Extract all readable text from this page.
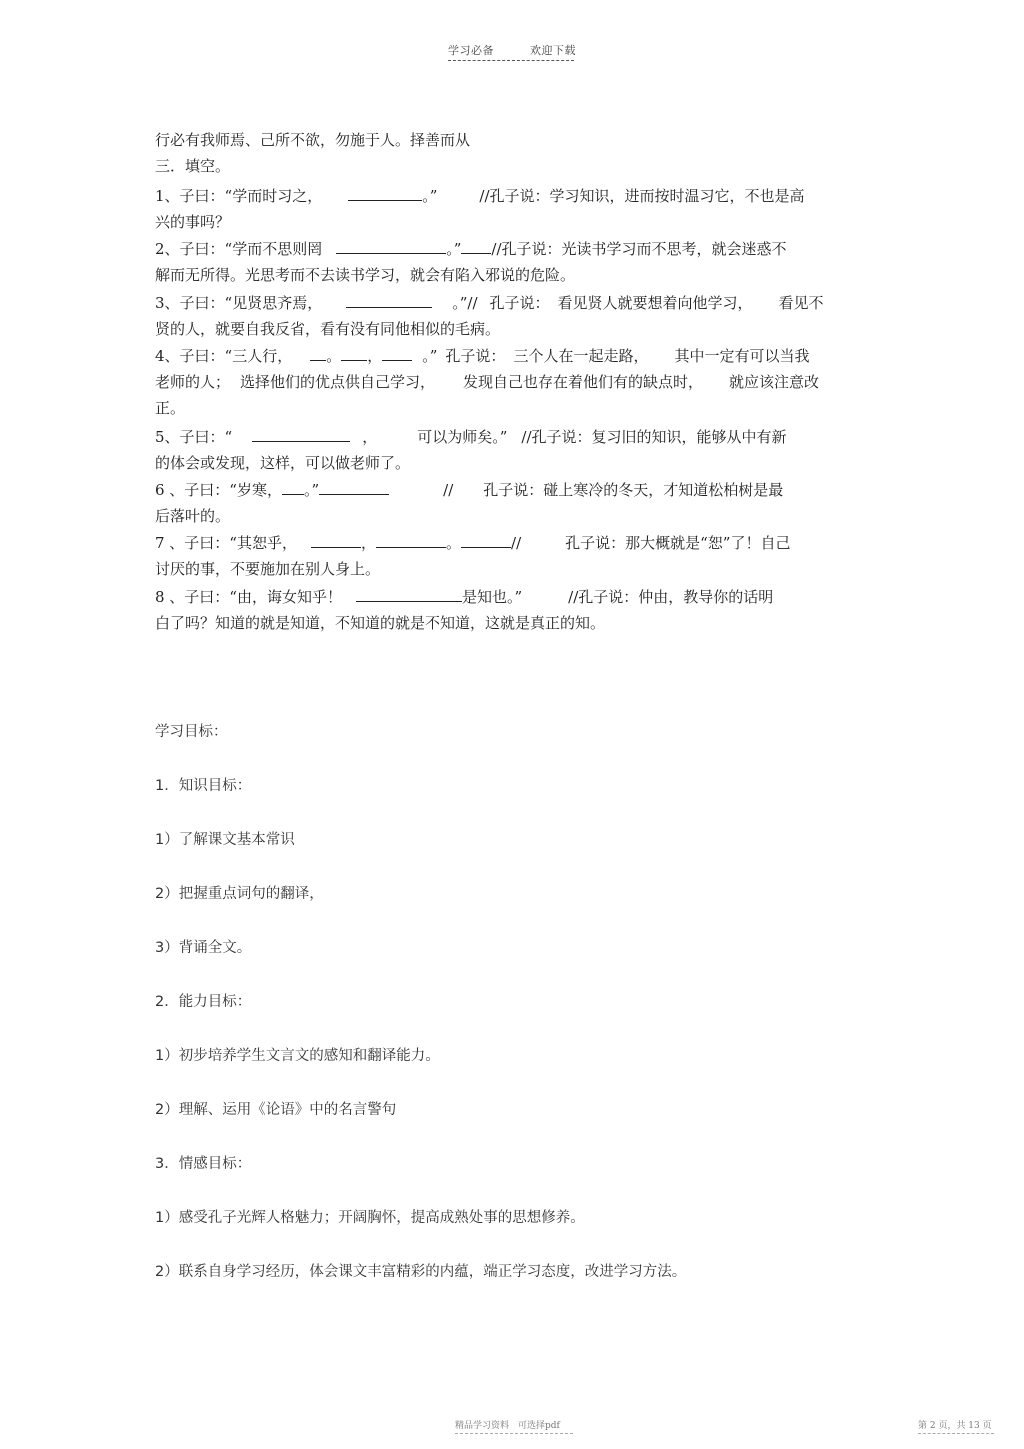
学习必备	欢迎下载
行必有我师焉、己所不欲，勿施于人。择善而从
三．填空。
1、子曰：“学而时习之，	。”	//孔子说：学习知识，进而按时温习它，不也是高
兴的事吗？
2、子曰：“学而不思则罔	。” //孔子说：光读书学习而不思考，就会迷惑不
解而无所得。光思考而不去读书学习，就会有陷入邪说的危险。
3、子曰：“见贤思齐焉，	。”// 孔子说： 看见贤人就要想着向他学习， 看见不
贤的人，就要自我反省，看有没有同他相似的毛病。
4、子曰：“三人行， 。 ，	。” 孔子说： 三个人在一起走路， 其中一定有可以当我
老师的人； 选择他们的优点供自己学习， 发现自己也存在着他们有的缺点时， 就应该注意改
正。
5、子曰：“	，	可以为师矣。” //孔子说：复习旧的知识，能够从中有新
的体会或发现，这样，可以做老师了。
6 、子曰：“岁寒， 。”	// 孔子说：碰上寒冷的冬天，才知道松柏树是最
后落叶的。
7 、子曰：“其恕乎，	，	。	//	孔子说：那大概就是“恕”了！自己
讨厌的事，不要施加在别人身上。
8 、子曰：“由，诲女知乎！	是知也。”	//孔子说：仲由，教导你的话明
白了吗？知道的就是知道，不知道的就是不知道，这就是真正的知。
学习目标：
1．知识目标：
1）了解课文基本常识
2）把握重点词句的翻译，
3）背诵全文。
2．能力目标：
1）初步培养学生文言文的感知和翻译能力。
2）理解、运用《论语》中的名言警句
3．情感目标：
1）感受孔子光辉人格魅力；开阔胸怀，提高成熟处事的思想修养。
2）联系自身学习经历，体会课文丰富精彩的内蕴，端正学习态度，改进学习方法。
精品学习资料 可选择pdf	第 2 页，共 13 页
